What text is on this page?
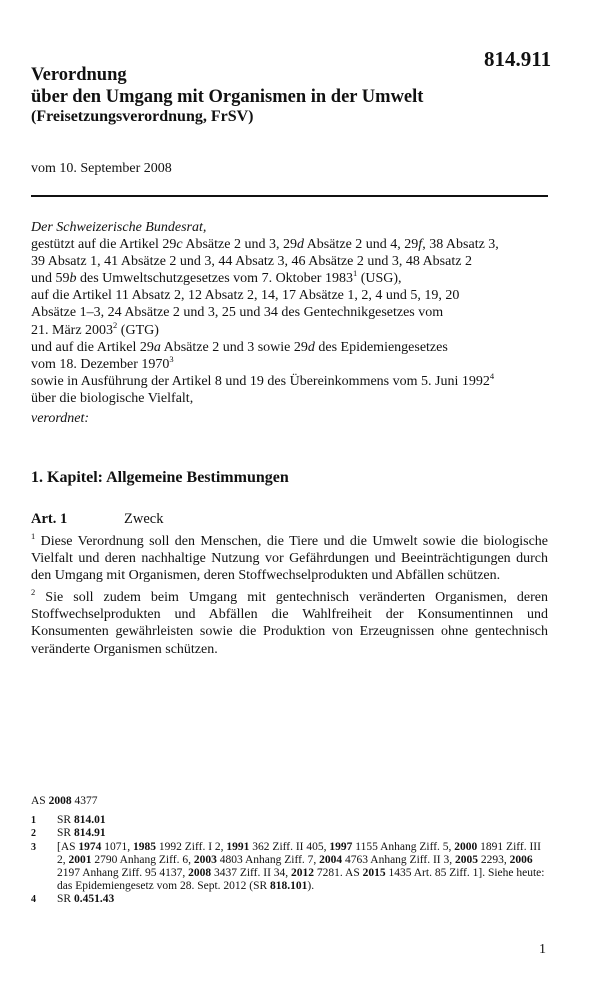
814.911
Verordnung
über den Umgang mit Organismen in der Umwelt
(Freisetzungsverordnung, FrSV)
vom 10. September 2008

Der Schweizerische Bundesrat,

gestützt auf die Artikel 29c Absätze 2 und 3, 29d Absätze 2 und 4, 29f, 38 Absatz 3,

39 Absatz 1, 41 Absätze 2 und 3, 44 Absatz 3, 46 Absätze 2 und 3, 48 Absatz 2

und 59b des Umweltschutzgesetzes vom 7. Oktober 1983$^1$ (USG),

auf die Artikel 11 Absatz 2, 12 Absatz 2, 14, 17 Absätze 1, 2, 4 und 5, 19, 20

Absätze 1–3, 24 Absätze 2 und 3, 25 und 34 des Gentechnikgesetzes vom

21. März 2003$^2$ (GTG)

und auf die Artikel 29a Absätze 2 und 3 sowie 29d des Epidemiengesetzes

vom 18. Dezember 1970$^3$

sowie in Ausführung der Artikel 8 und 19 des Übereinkommens vom 5. Juni 1992$^4$

über die biologische Vielfalt,

verordnet:

1. Kapitel: Allgemeine Bestimmungen
Art. 1	Zweck

$^1$ Diese Verordnung soll den Menschen, die Tiere und die Umwelt sowie die biologische Vielfalt und deren nachhaltige Nutzung vor Gefährdungen und Beeinträchtigungen durch den Umgang mit Organismen, deren Stoffwechselprodukten und Abfällen schützen.

$^2$ Sie soll zudem beim Umgang mit gentechnisch veränderten Organismen, deren Stoffwechselprodukten und Abfällen die Wahlfreiheit der Konsumentinnen und Konsumenten gewährleisten sowie die Produktion von Erzeugnissen ohne gentechnisch veränderte Organismen schützen.

AS 2008 4377
1	SR 814.01
2	SR 814.91
3	[AS 1974 1071, 1985 1992 Ziff. I 2, 1991 362 Ziff. II 405, 1997 1155 Anhang Ziff. 5, 2000 1891 Ziff. III 2, 2001 2790 Anhang Ziff. 6, 2003 4803 Anhang Ziff. 7, 2004 4763 Anhang Ziff. II 3, 2005 2293, 2006 2197 Anhang Ziff. 95 4137, 2008 3437 Ziff. II 34, 2012 7281. AS 2015 1435 Art. 85 Ziff. 1]. Siehe heute: das Epidemiengesetz vom 28. Sept. 2012 (SR 818.101).
4	SR 0.451.43
1
